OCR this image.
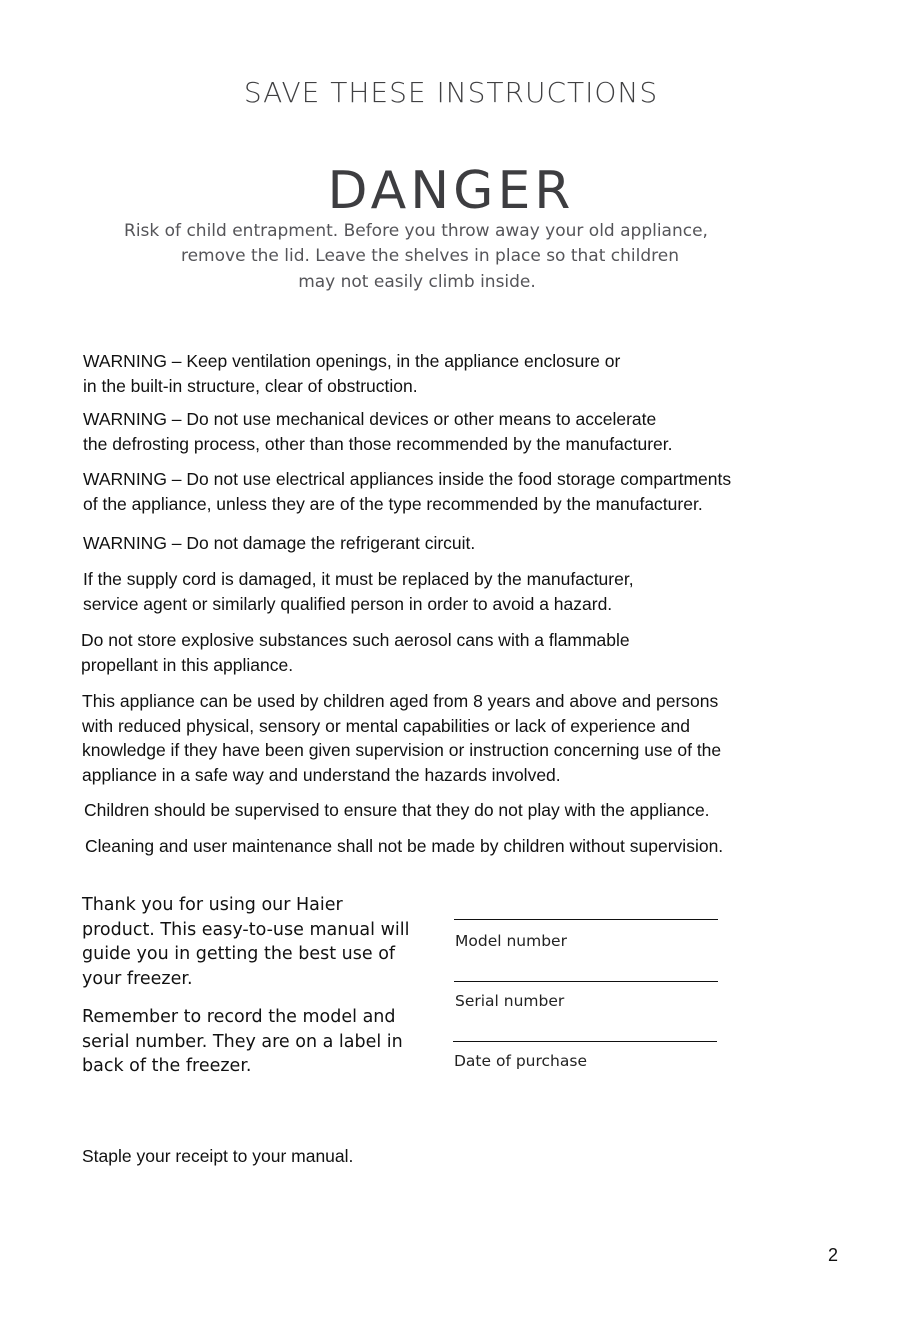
SAVE THESE INSTRUCTIONS
DANGER
Risk of child entrapment. Before you throw away your old appliance,
remove the lid. Leave the shelves in place so that children
may not easily climb inside.
WARNING – Keep ventilation openings, in the appliance enclosure or
in the built-in structure, clear of obstruction.
WARNING – Do not use mechanical devices or other means to accelerate
the defrosting process, other than those recommended by the manufacturer.
WARNING – Do not use electrical appliances inside the food storage compartments
of the appliance, unless they are of the type recommended by the manufacturer.
WARNING – Do not damage the refrigerant circuit.
If the supply cord is damaged, it must be replaced by the manufacturer,
service agent or similarly qualified person in order to avoid a hazard.
Do not store explosive substances such aerosol cans with a flammable
propellant in this appliance.
This appliance can be used by children aged from 8 years and above and persons
with reduced physical, sensory or mental capabilities or lack of experience and
knowledge if they have been given supervision or instruction concerning use of the
appliance in a safe way and understand the hazards involved.
Children should be supervised to ensure that they do not play with the appliance.
Cleaning and user maintenance shall not be made by children without supervision.
Thank you for using our Haier
product. This easy-to-use manual will
guide you in getting the best use of
your freezer.
Remember to record the model and
serial number. They are on a label in
back of the freezer.
Model number
Serial number
Date of purchase
Staple your receipt to your manual.
2
